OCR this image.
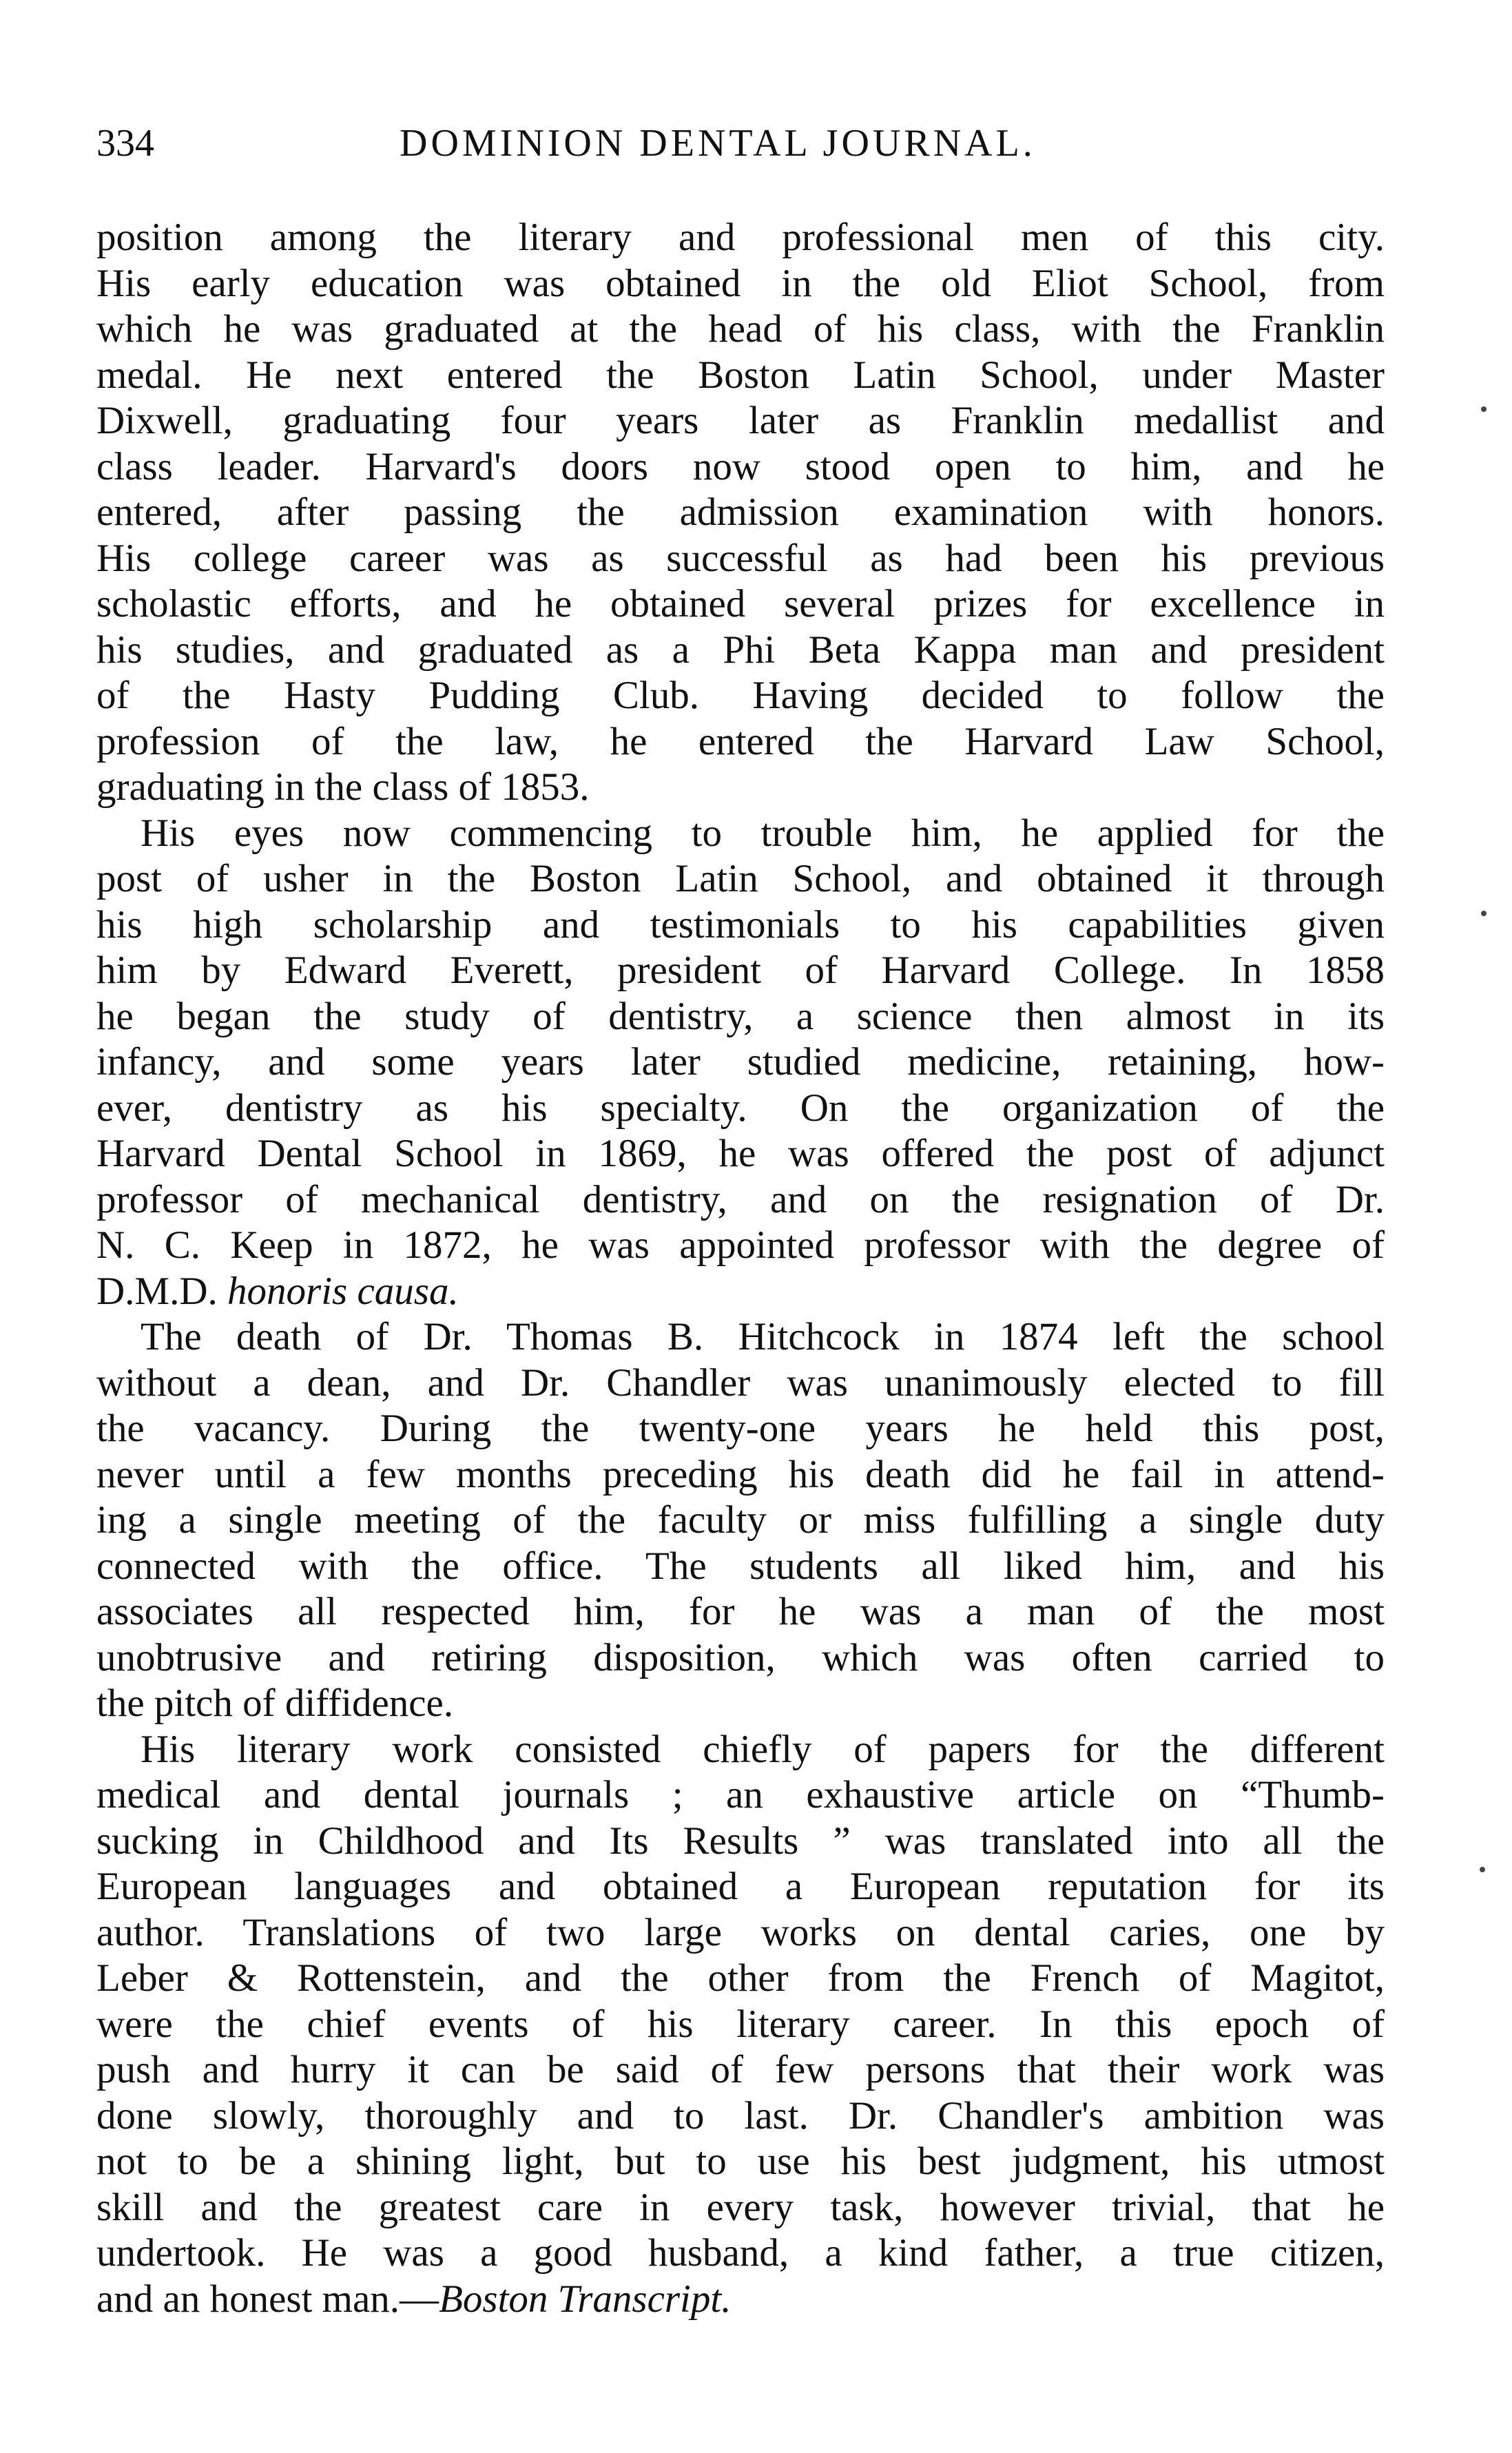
334	DOMINION DENTAL JOURNAL.
position among the literary and professional men of this city.
His early education was obtained in the old Eliot School, from
which he was graduated at the head of his class, with the Franklin
medal. He next entered the Boston Latin School, under Master
Dixwell, graduating four years later as Franklin medallist and
class leader. Harvard's doors now stood open to him, and he
entered, after passing the admission examination with honors.
His college career was as successful as had been his previous
scholastic efforts, and he obtained several prizes for excellence in
his studies, and graduated as a Phi Beta Kappa man and president
of the Hasty Pudding Club. Having decided to follow the
profession of the law, he entered the Harvard Law School,
graduating in the class of 1853.
His eyes now commencing to trouble him, he applied for the
post of usher in the Boston Latin School, and obtained it through
his high scholarship and testimonials to his capabilities given
him by Edward Everett, president of Harvard College. In 1858
he began the study of dentistry, a science then almost in its
infancy, and some years later studied medicine, retaining, how-
ever, dentistry as his specialty. On the organization of the
Harvard Dental School in 1869, he was offered the post of adjunct
professor of mechanical dentistry, and on the resignation of Dr.
N. C. Keep in 1872, he was appointed professor with the degree of
D.M.D. honoris causa.
The death of Dr. Thomas B. Hitchcock in 1874 left the school
without a dean, and Dr. Chandler was unanimously elected to fill
the vacancy. During the twenty-one years he held this post,
never until a few months preceding his death did he fail in attend-
ing a single meeting of the faculty or miss fulfilling a single duty
connected with the office. The students all liked him, and his
associates all respected him, for he was a man of the most
unobtrusive and retiring disposition, which was often carried to
the pitch of diffidence.
His literary work consisted chiefly of papers for the different
medical and dental journals ; an exhaustive article on “Thumb-
sucking in Childhood and Its Results ” was translated into all the
European languages and obtained a European reputation for its
author. Translations of two large works on dental caries, one by
Leber & Rottenstein, and the other from the French of Magitot,
were the chief events of his literary career. In this epoch of
push and hurry it can be said of few persons that their work was
done slowly, thoroughly and to last. Dr. Chandler's ambition was
not to be a shining light, but to use his best judgment, his utmost
skill and the greatest care in every task, however trivial, that he
undertook. He was a good husband, a kind father, a true citizen,
and an honest man.—Boston Transcript.
